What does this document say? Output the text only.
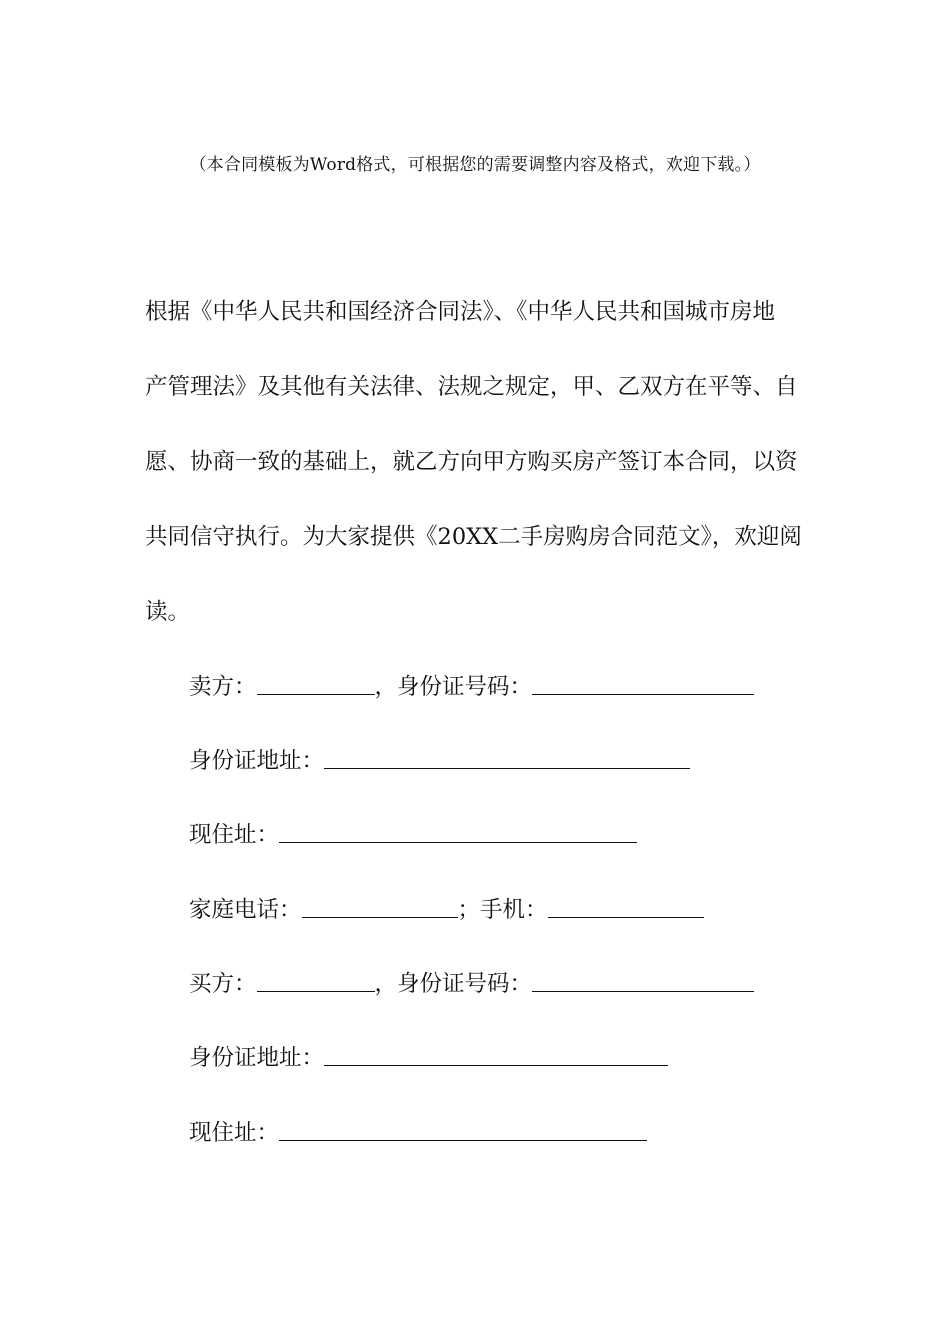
（本合同模板为Word格式，可根据您的需要调整内容及格式，欢迎下载。）
根据《中华人民共和国经济合同法》、《中华人民共和国城市房地
产管理法》及其他有关法律、法规之规定，甲、乙双方在平等、自
愿、协商一致的基础上，就乙方向甲方购买房产签订本合同，以资
共同信守执行。为大家提供《20XX二手房购房合同范文》，欢迎阅
读。
卖方：	，身份证号码：
身份证地址：
现住址：
家庭电话：	；手机：
买方：	，身份证号码：
身份证地址：
现住址：
